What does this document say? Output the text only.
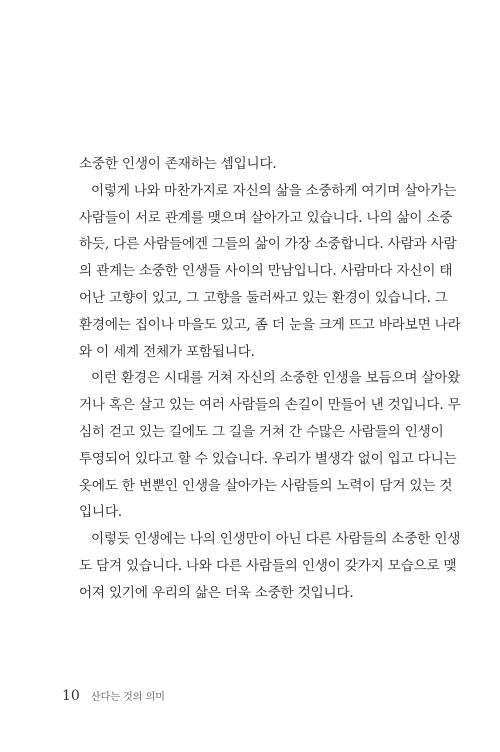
소중한 인생이 존재하는 셈입니다.
이렇게 나와 마찬가지로 자신의 삶을 소중하게 여기며 살아가는
사람들이 서로 관계를 맺으며 살아가고 있습니다. 나의 삶이 소중
하듯, 다른 사람들에겐 그들의 삶이 가장 소중합니다. 사람과 사람
의 관계는 소중한 인생들 사이의 만남입니다. 사람마다 자신이 태
어난 고향이 있고, 그 고향을 둘러싸고 있는 환경이 있습니다. 그
환경에는 집이나 마을도 있고, 좀 더 눈을 크게 뜨고 바라보면 나라
와 이 세계 전체가 포함됩니다.
이런 환경은 시대를 거쳐 자신의 소중한 인생을 보듬으며 살아왔
거나 혹은 살고 있는 여러 사람들의 손길이 만들어 낸 것입니다. 무
심히 걷고 있는 길에도 그 길을 거쳐 간 수많은 사람들의 인생이
투영되어 있다고 할 수 있습니다. 우리가 별생각 없이 입고 다니는
옷에도 한 번뿐인 인생을 살아가는 사람들의 노력이 담겨 있는 것
입니다.
이렇듯 인생에는 나의 인생만이 아닌 다른 사람들의 소중한 인생
도 담겨 있습니다. 나와 다른 사람들의 인생이 갖가지 모습으로 맺
어져 있기에 우리의 삶은 더욱 소중한 것입니다.
10 산다는 것의 의미
